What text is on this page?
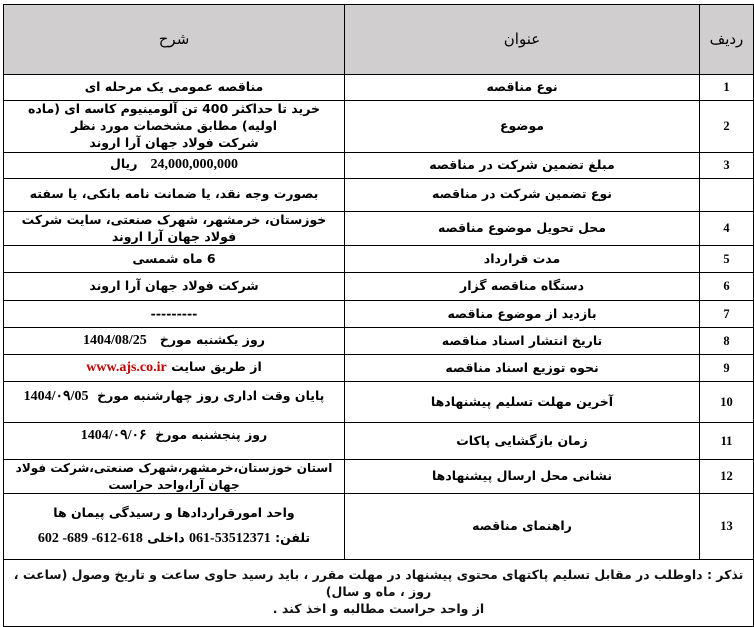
ردیف	عنوان	شرح
1	نوع مناقصه	مناقصه عمومی یک مرحله ای
2	موضوع	خرید تا حداکثر 400 تن آلومینیوم کاسه ای (ماده اولیه) مطابق مشخصات مورد نظر
شرکت فولاد جهان آرا اروند

3	مبلغ تضمین شرکت در مناقصه	24,000,000,000   ریال
	نوع تضمین شرکت در مناقصه	بصورت وجه نقد، یا ضمانت نامه بانکی، یا سفته
4	محل تحویل موضوع مناقصه	خوزستان، خرمشهر، شهرک صنعتی، سایت شرکت فولاد جهان آرا اروند
5	مدت قرارداد	6 ماه شمسی
6	دستگاه مناقصه گزار	شرکت فولاد جهان آرا اروند
7	بازدید از موضوع مناقصه	---------
8	تاریخ انتشار اسناد مناقصه	روز یکشنبه مورخ   1404/08/25
9	نحوه توزیع اسناد مناقصه	از طریق سایت www.ajs.co.ir
10	آخرین مهلت تسلیم پیشنهادها	پایان وقت اداری روز چهارشنبه مورخ  1404/۰۹/05
11	زمان بازگشایی پاکات	روز پنجشنبه مورخ  1404/۰۹/۰۶
12	نشانی محل ارسال پیشنهادها	استان خوزستان،خرمشهر،شهرک صنعتی،شرکت فولاد جهان آرا،واحد حراست
13	راهنمای مناقصه	واحد امورقراردادها و رسیدگی پیمان ها
تلفن: 061-53512371 داخلی 602 -689 -612-618

تذکر : داوطلب در مقابل تسلیم پاکتهای محتوی پیشنهاد در مهلت مقرر ، باید رسید حاوی ساعت و تاریخ وصول (ساعت ، روز ، ماه و سال)
از واحد حراست مطالبه و اخذ کند .		
